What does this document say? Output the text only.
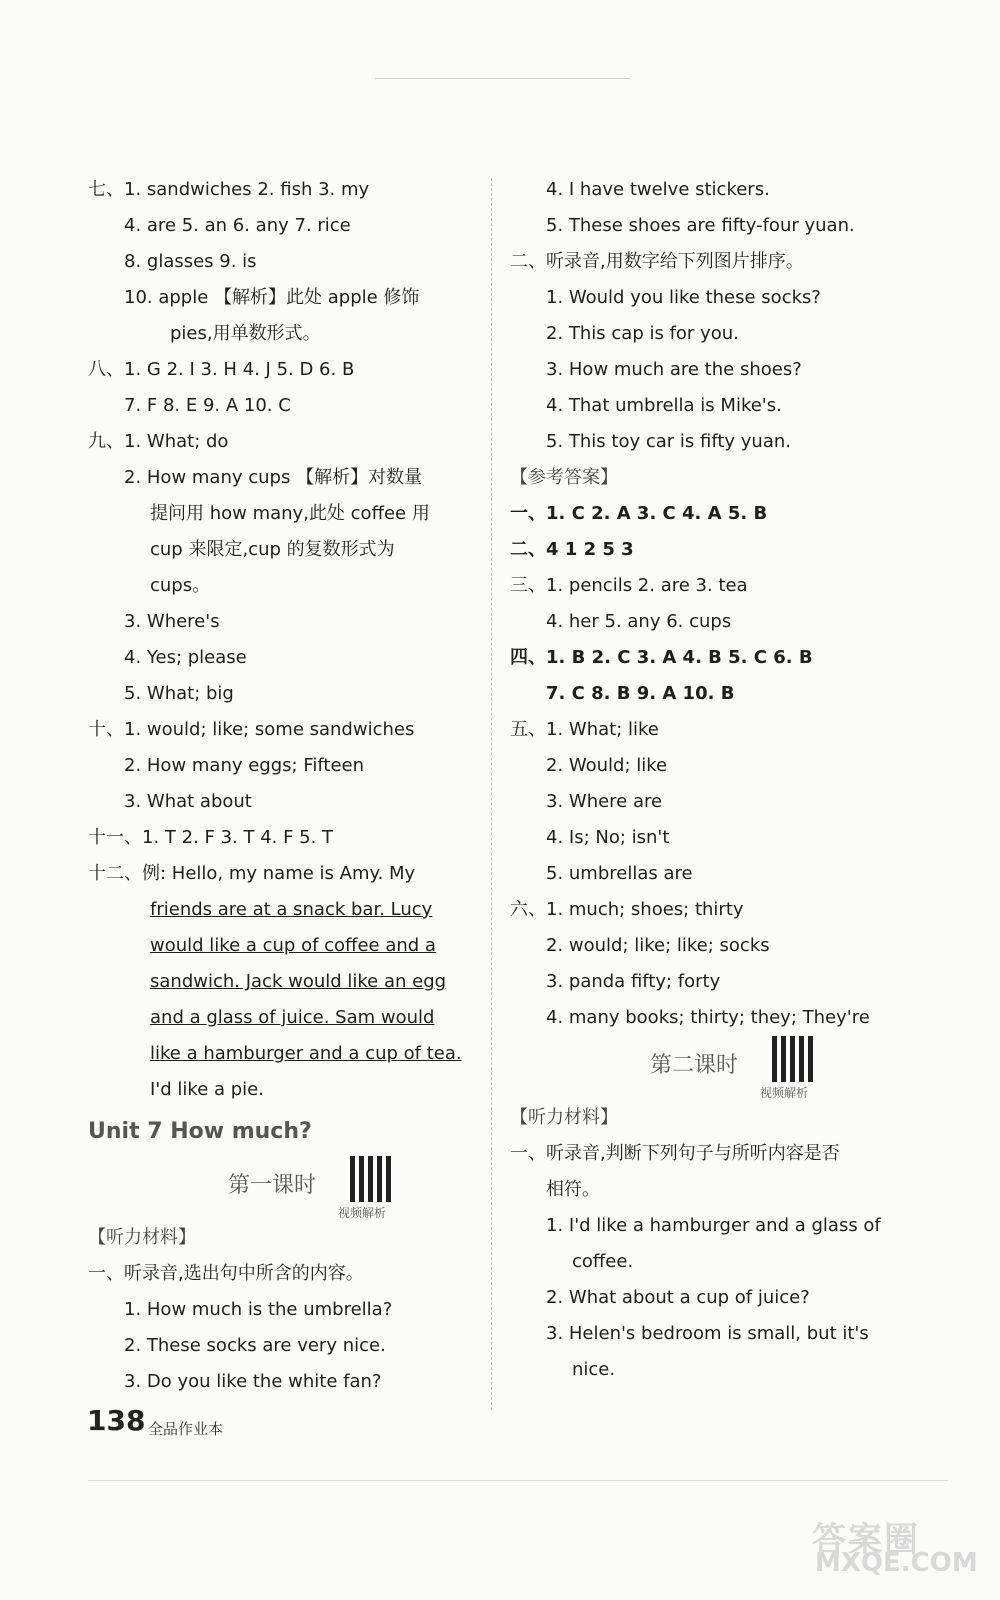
七、1. sandwiches 2. fish 3. my
4. are 5. an 6. any 7. rice
8. glasses 9. is
10. apple 【解析】此处 apple 修饰
pies,用单数形式。
八、1. G 2. I 3. H 4. J 5. D 6. B
7. F 8. E 9. A 10. C
九、1. What; do
2. How many cups 【解析】对数量
提问用 how many,此处 coffee 用
cup 来限定,cup 的复数形式为
cups。
3. Where's
4. Yes; please
5. What; big
十、1. would; like; some sandwiches
2. How many eggs; Fifteen
3. What about
十一、1. T 2. F 3. T 4. F 5. T
十二、例: Hello, my name is Amy. My
friends are at a snack bar. Lucy
would like a cup of coffee and a
sandwich. Jack would like an egg
and a glass of juice. Sam would
like a hamburger and a cup of tea.
I'd like a pie.
Unit 7 How much?
第一课时
视频解析
【听力材料】
一、听录音,选出句中所含的内容。
1. How much is the umbrella?
2. These socks are very nice.
3. Do you like the white fan?
4. I have twelve stickers.
5. These shoes are fifty-four yuan.
二、听录音,用数字给下列图片排序。
1. Would you like these socks?
2. This cap is for you.
3. How much are the shoes?
4. That umbrella is Mike's.
5. This toy car is fifty yuan.
【参考答案】
一、1. C 2. A 3. C 4. A 5. B
二、4 1 2 5 3
三、1. pencils 2. are 3. tea
4. her 5. any 6. cups
四、1. B 2. C 3. A 4. B 5. C 6. B
7. C 8. B 9. A 10. B
五、1. What; like
2. Would; like
3. Where are
4. Is; No; isn't
5. umbrellas are
六、1. much; shoes; thirty
2. would; like; like; socks
3. panda fifty; forty
4. many books; thirty; they; They're
第二课时
视频解析
【听力材料】
一、听录音,判断下列句子与所听内容是否
相符。
1. I'd like a hamburger and a glass of
coffee.
2. What about a cup of juice?
3. Helen's bedroom is small, but it's
nice.
138 全品作业本
答案圈
MXQE.COM
